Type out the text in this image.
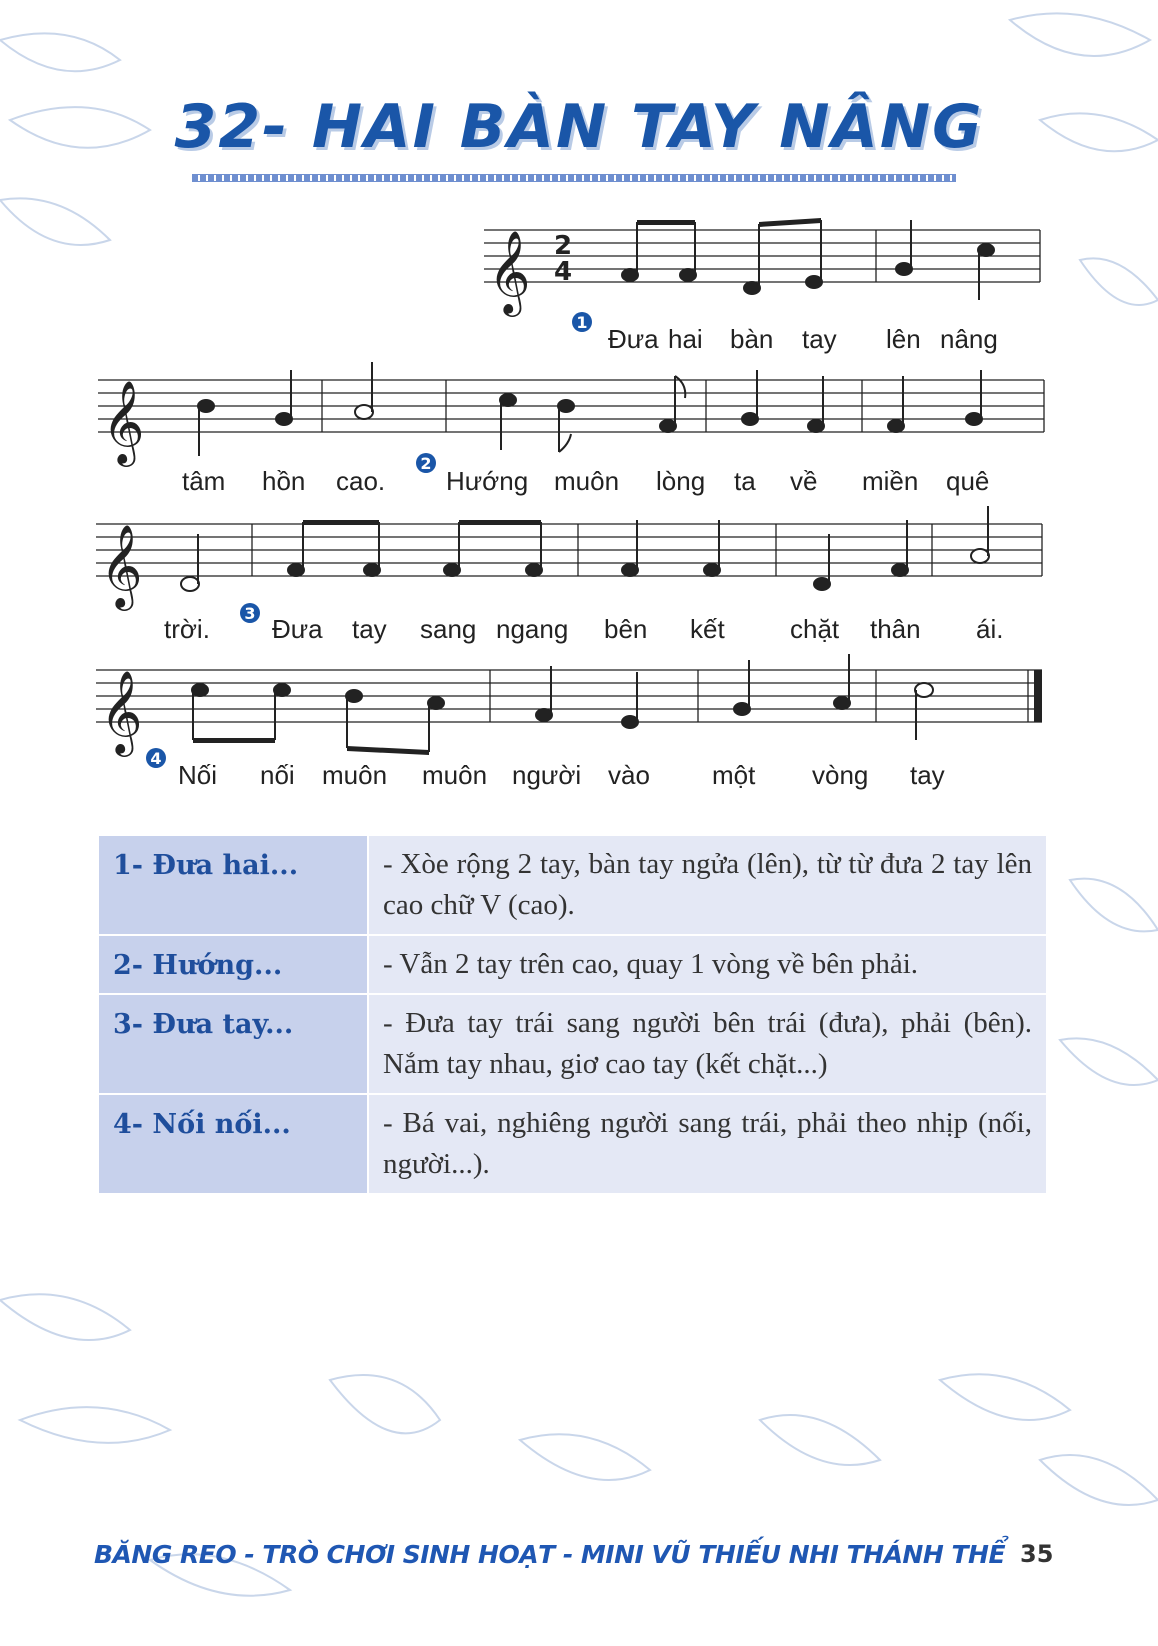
32- HAI BÀN TAY NÂNG
𝄞
𝄞
𝄞
𝄞
2
4
1
2
3
4
Đưa hai bàn tay lên nâng
tâm hồn cao. Hướng muôn lòng ta về miền quê
trời. Đưa tay sang ngang bên kết	chặt thân ái.
Nối nối muôn muôn người vào một vòng tay
1- Đưa hai...	- Xòe rộng 2 tay, bàn tay ngửa (lên), từ từ đưa 2 tay lên cao chữ V (cao).
2- Hướng...	- Vẫn 2 tay trên cao, quay 1 vòng về bên phải.
3- Đưa tay...	- Đưa tay trái sang người bên trái (đưa), phải (bên). Nắm tay nhau, giơ cao tay (kết chặt...)
4- Nối nối...	- Bá vai, nghiêng người sang trái, phải theo nhịp (nối, người...).
BĂNG REO - TRÒ CHƠI SINH HOẠT - MINI VŨ THIẾU NHI THÁNH THỂ 35
